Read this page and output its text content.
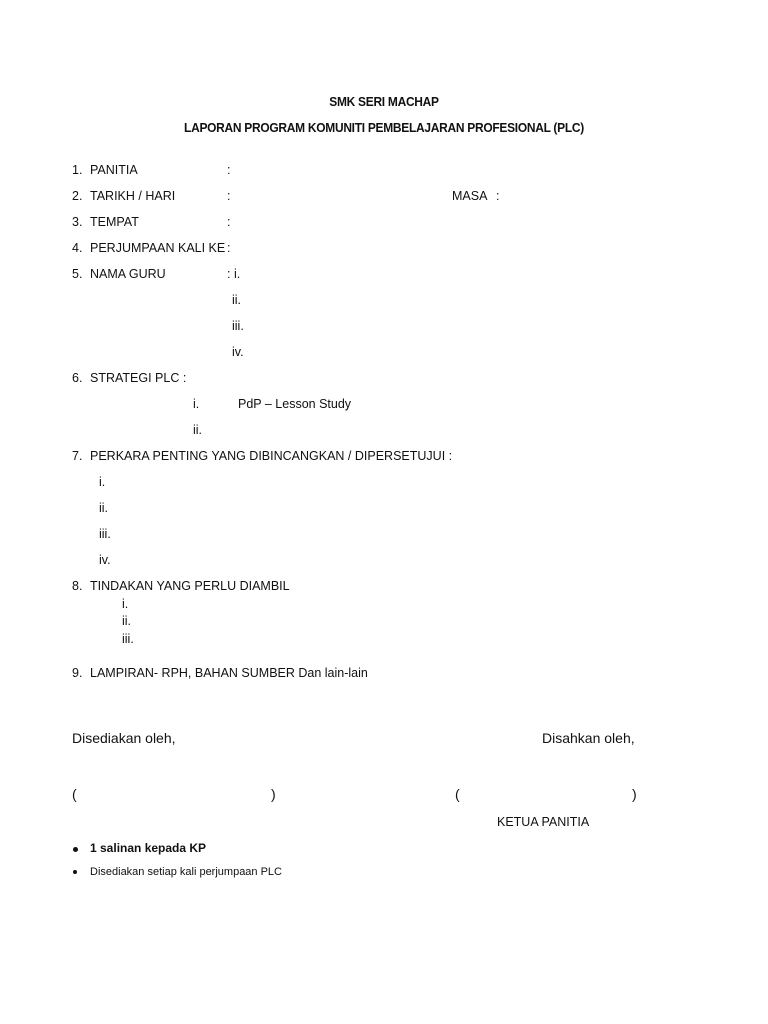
SMK SERI MACHAP
LAPORAN PROGRAM KOMUNITI PEMBELAJARAN PROFESIONAL (PLC)
1. PANITIA	:
2. TARIKH / HARI	:	MASA :
3. TEMPAT	:
4. PERJUMPAAN KALI KE :
5. NAMA GURU	: i.
ii.
iii.
iv.
6. STRATEGI PLC :
i.	PdP – Lesson Study
ii.
7. PERKARA PENTING YANG DIBINCANGKAN / DIPERSETUJUI :
i.
ii.
iii.
iv.
8. TINDAKAN YANG PERLU DIAMBIL
i.
ii.
iii.
9. LAMPIRAN- RPH, BAHAN SUMBER Dan lain-lain
Disediakan oleh,	Disahkan oleh,
(	)	(	)
KETUA PANITIA
1 salinan kepada KP
Disediakan setiap kali perjumpaan PLC
